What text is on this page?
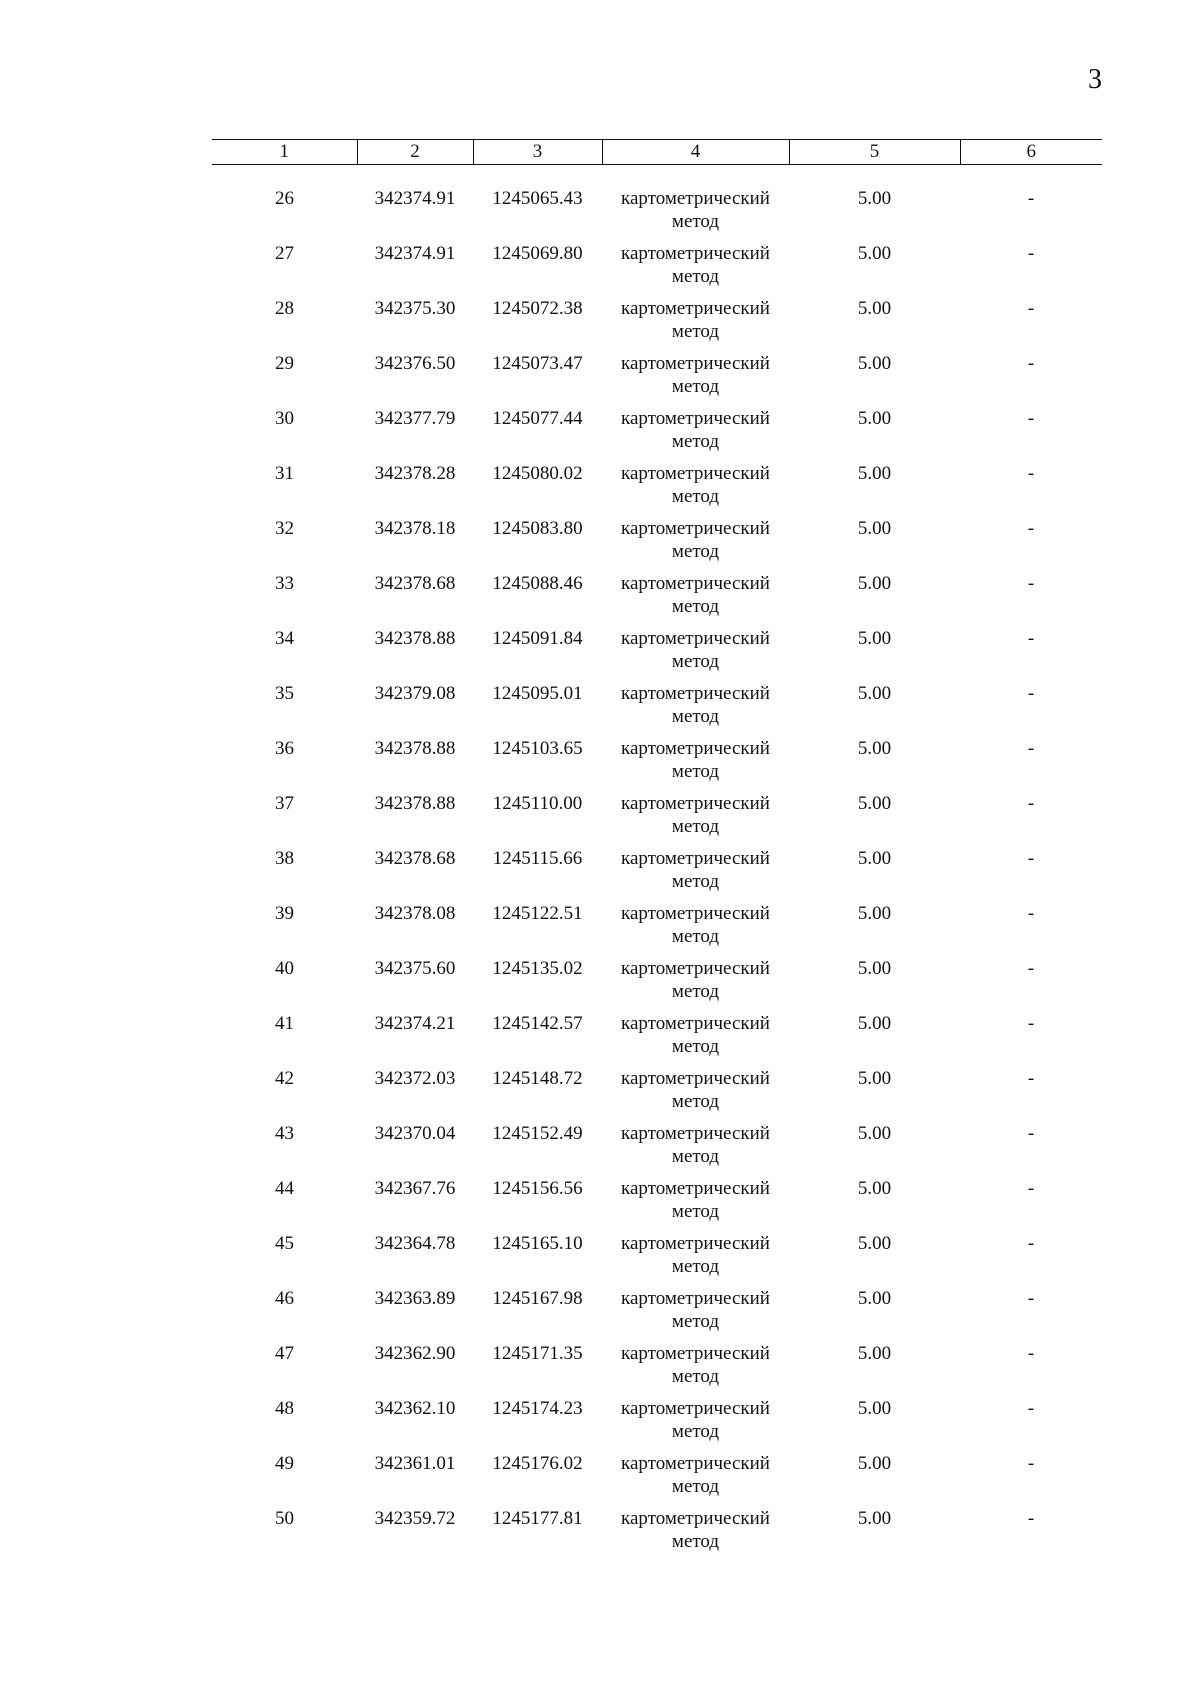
3
1	2	3	4	5	6

26	342374.91	1245065.43	картометрический
метод	5.00	-
27	342374.91	1245069.80	картометрический
метод	5.00	-
28	342375.30	1245072.38	картометрический
метод	5.00	-
29	342376.50	1245073.47	картометрический
метод	5.00	-
30	342377.79	1245077.44	картометрический
метод	5.00	-
31	342378.28	1245080.02	картометрический
метод	5.00	-
32	342378.18	1245083.80	картометрический
метод	5.00	-
33	342378.68	1245088.46	картометрический
метод	5.00	-
34	342378.88	1245091.84	картометрический
метод	5.00	-
35	342379.08	1245095.01	картометрический
метод	5.00	-
36	342378.88	1245103.65	картометрический
метод	5.00	-
37	342378.88	1245110.00	картометрический
метод	5.00	-
38	342378.68	1245115.66	картометрический
метод	5.00	-
39	342378.08	1245122.51	картометрический
метод	5.00	-
40	342375.60	1245135.02	картометрический
метод	5.00	-
41	342374.21	1245142.57	картометрический
метод	5.00	-
42	342372.03	1245148.72	картометрический
метод	5.00	-
43	342370.04	1245152.49	картометрический
метод	5.00	-
44	342367.76	1245156.56	картометрический
метод	5.00	-
45	342364.78	1245165.10	картометрический
метод	5.00	-
46	342363.89	1245167.98	картометрический
метод	5.00	-
47	342362.90	1245171.35	картометрический
метод	5.00	-
48	342362.10	1245174.23	картометрический
метод	5.00	-
49	342361.01	1245176.02	картометрический
метод	5.00	-
50	342359.72	1245177.81	картометрический
метод	5.00	-
